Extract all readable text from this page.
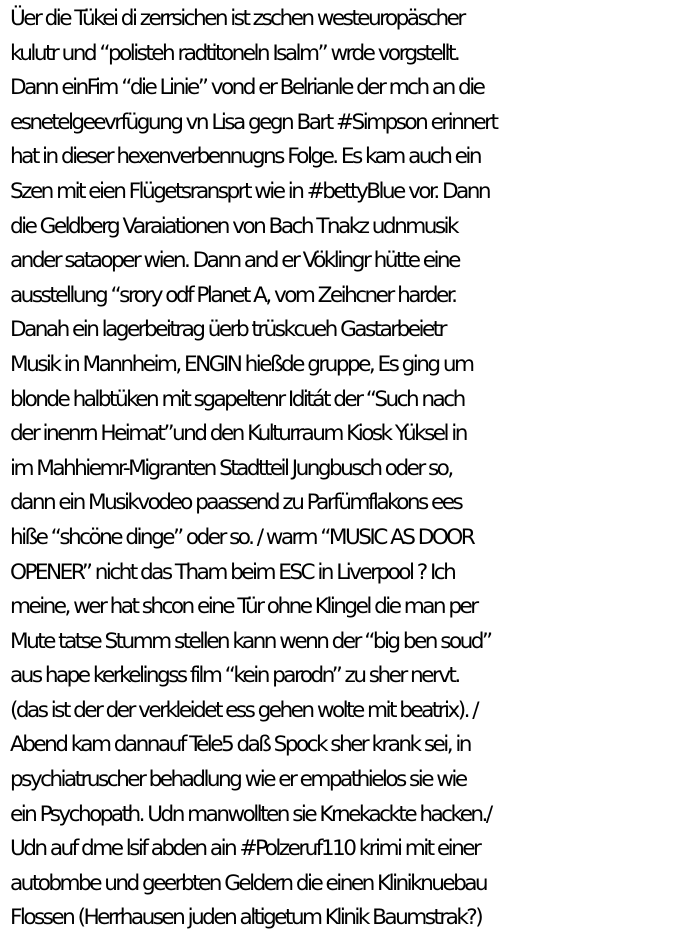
Üer die Tükei di zerrsichen ist zschen westeuropäscher
kulutr und “polisteh radtitoneln Isalm” wrde vorgstellt.
Dann einFim “die Linie” vond er Belrianle der mch an die
esnetelgeevrfügung vn Lisa gegn Bart #Simpson erinnert
hat in dieser hexenverbennugns Folge. Es kam auch ein
Szen mit eien Flügetsransprt wie in #bettyBlue vor. Dann
die Geldberg Varaiationen von Bach Tnakz udnmusik
ander sataoper wien. Dann and er Vöklingr hütte eine
ausstellung “srory odf Planet A, vom Zeihcner harder.
Danah ein lagerbeitrag üerb trüskcueh Gastarbeietr
Musik in Mannheim, ENGIN hießde gruppe, Es ging um
blonde halbtüken mit sgapeltenr Iditát der “Such nach
der inenrn Heimat”und den Kulturraum Kiosk Yüksel in
im Mahhiemr-Migranten Stadtteil Jungbusch oder so,
dann ein Musikvodeo paassend zu Parfümflakons ees
hiße “shcöne dinge” oder so. / warm “MUSIC AS DOOR
OPENER” nicht das Tham beim ESC in Liverpool ? Ich
meine, wer hat shcon eine Tür ohne Klingel die man per
Mute tatse Stumm stellen kann wenn der “big ben soud”
aus hape kerkelingss film “kein parodn” zu sher nervt.
(das ist der der verkleidet ess gehen wolte mit beatrix). /
Abend kam dannauf Tele5 daß Spock sher krank sei, in
psychiatruscher behadlung wie er empathielos sie wie
ein Psychopath. Udn manwollten sie Krnekackte hacken./
Udn auf dme lsif abden ain #Polzeruf110 krimi mit einer
autobmbe und geerbten Geldern die einen Kliniknuebau
Flossen (Herrhausen juden altigetum Klinik Baumstrak?)
